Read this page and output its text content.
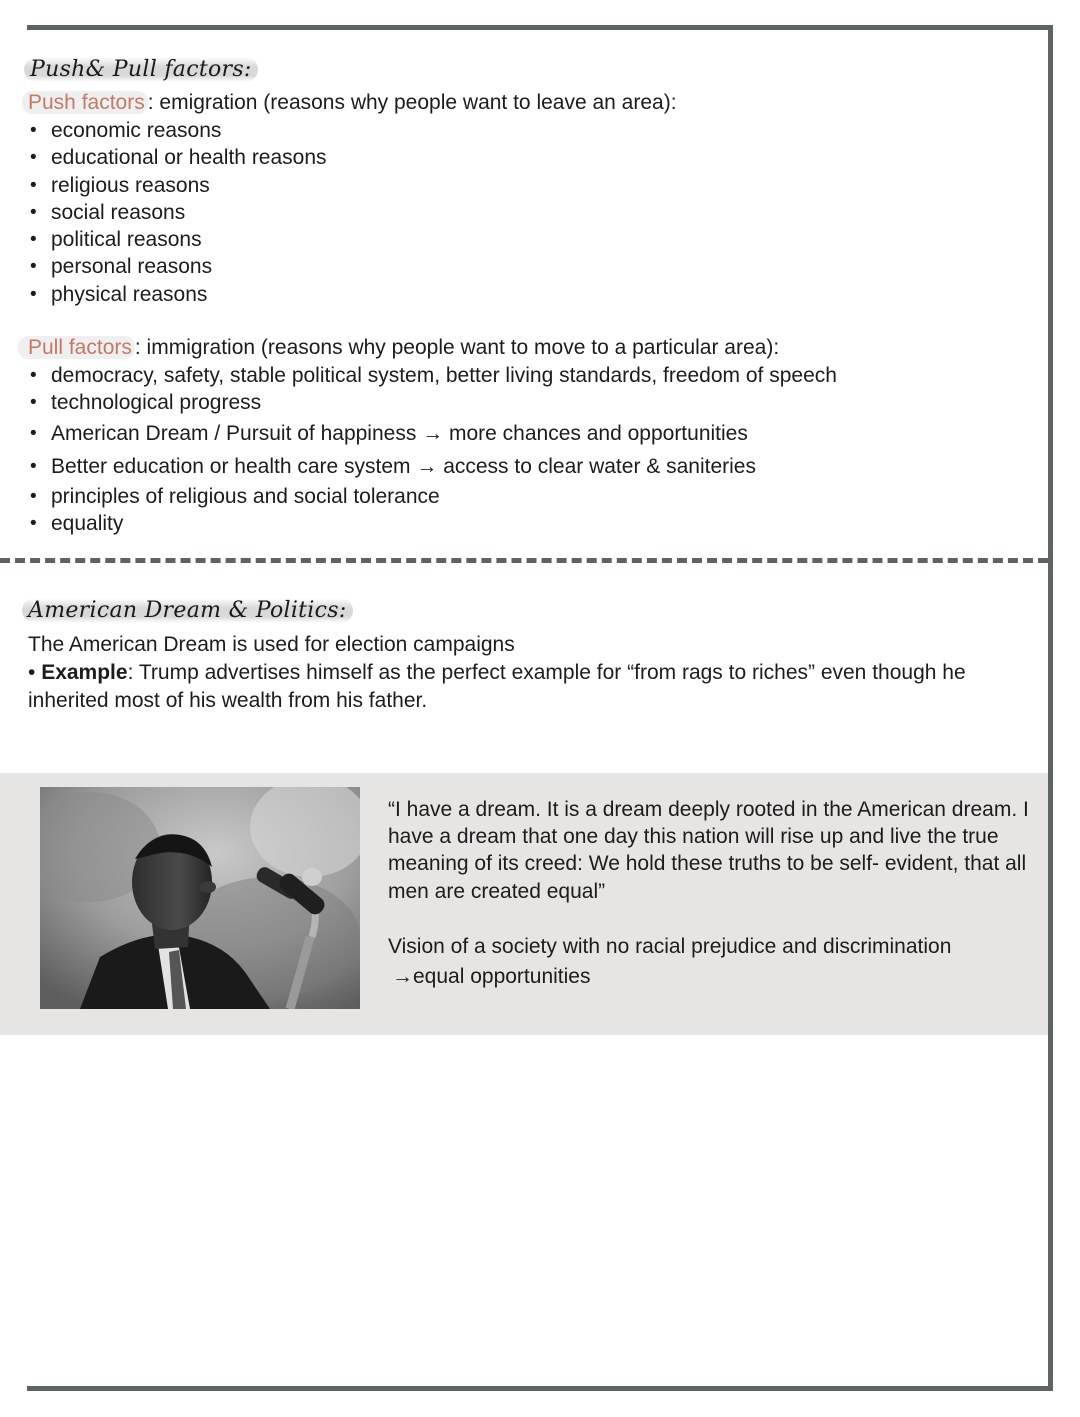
Push& Pull factors:
Push factors : emigration (reasons why people want to leave an area):
• economic reasons
• educational or health reasons
• religious reasons
• social reasons
• political reasons
• personal reasons
• physical reasons
Pull factors : immigration (reasons why people want to move to a particular area):
• democracy, safety, stable political system, better living standards, freedom of speech
• technological progress
• American Dream / Pursuit of happiness → more chances and opportunities
• Better education or health care system → access to clear water & saniteries
• principles of religious and social tolerance
• equality
American Dream & Politics:
The American Dream is used for election campaigns
• Example: Trump advertises himself as the perfect example for “from rags to riches” even though he inherited most of his wealth from his father.

“I have a dream. It is a dream deeply rooted in the American dream. I have a dream that one day this nation will rise up and live the true meaning of its creed: We hold these truths to be self- evident, that all men are created equal”

Vision of a society with no racial prejudice and discrimination
→equal opportunities
